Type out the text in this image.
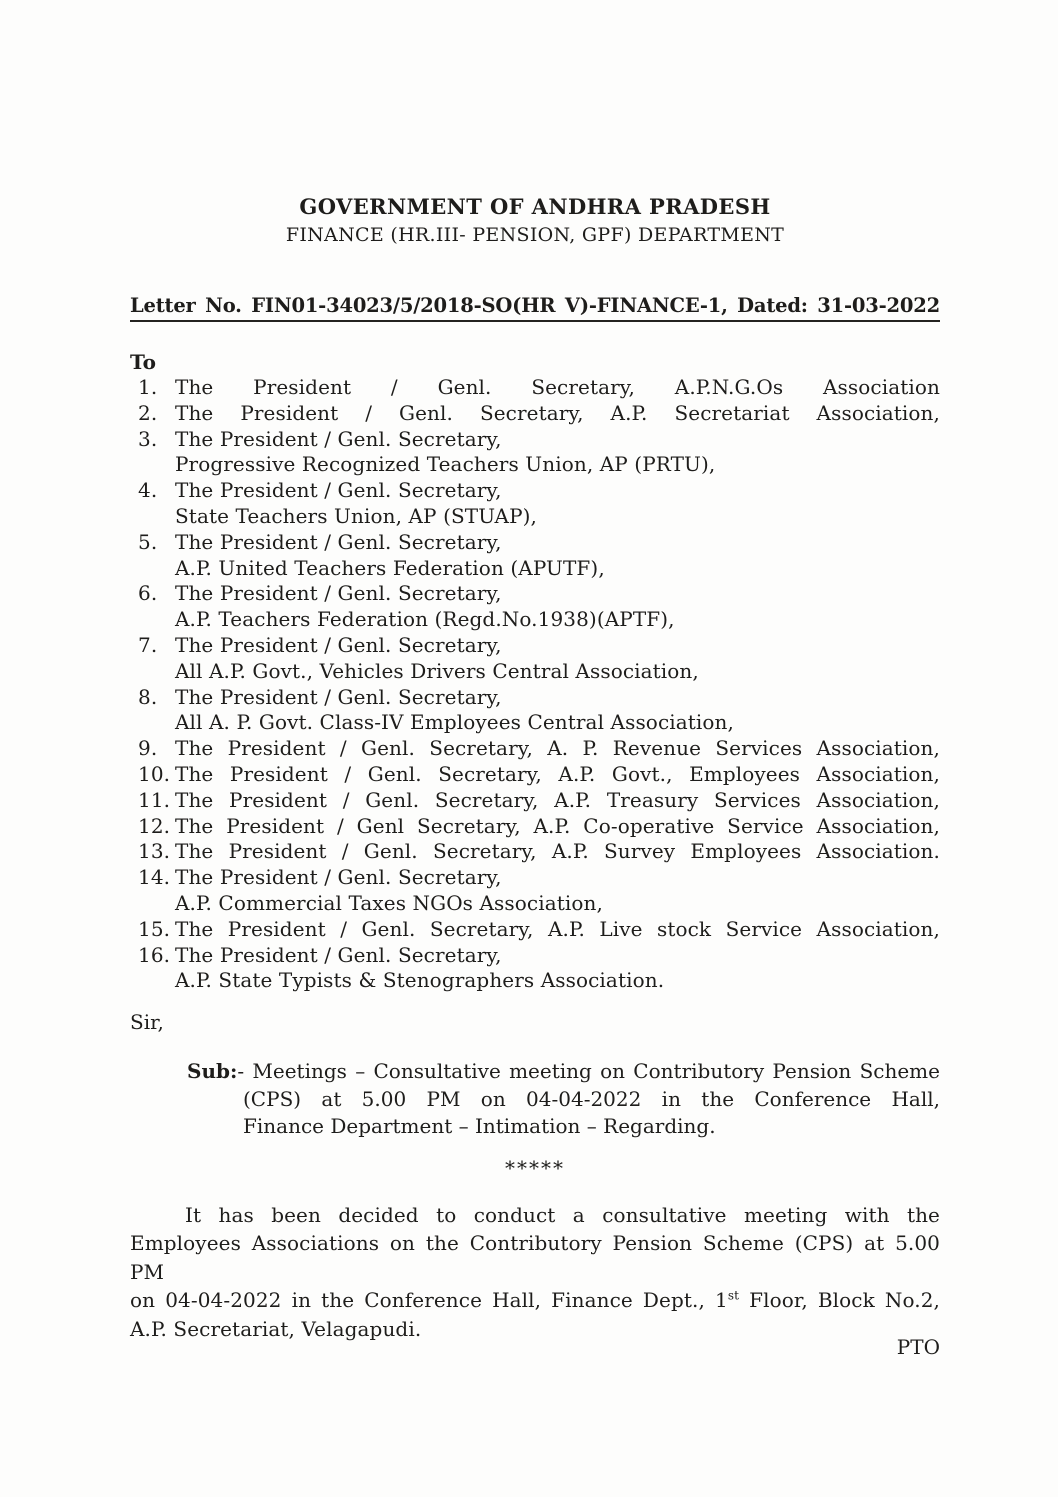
GOVERNMENT OF ANDHRA PRADESH
FINANCE (HR.III- PENSION, GPF) DEPARTMENT
Letter No. FIN01-34023/5/2018-SO(HR V)-FINANCE-1, Dated: 31-03-2022
To
1. The President / Genl. Secretary, A.P.N.G.Os Association
2. The President / Genl. Secretary, A.P. Secretariat Association,
3. The President / Genl. Secretary,
Progressive Recognized Teachers Union, AP (PRTU),
4. The President / Genl. Secretary,
State Teachers Union, AP (STUAP),
5. The President / Genl. Secretary,
A.P. United Teachers Federation (APUTF),
6. The President / Genl. Secretary,
A.P. Teachers Federation (Regd.No.1938)(APTF),
7. The President / Genl. Secretary,
All A.P. Govt., Vehicles Drivers Central Association,
8. The President / Genl. Secretary,
All A. P. Govt. Class-IV Employees Central Association,
9. The President / Genl. Secretary, A. P. Revenue Services Association,
10. The President / Genl. Secretary, A.P. Govt., Employees Association,
11. The President / Genl. Secretary, A.P. Treasury Services Association,
12. The President / Genl Secretary, A.P. Co-operative Service Association,
13. The President / Genl. Secretary, A.P. Survey Employees Association.
14. The President / Genl. Secretary,
A.P. Commercial Taxes NGOs Association,
15. The President / Genl. Secretary, A.P. Live stock Service Association,
16. The President / Genl. Secretary,
A.P. State Typists & Stenographers Association.
Sir,
Sub:- Meetings – Consultative meeting on Contributory Pension Scheme
(CPS) at 5.00 PM on 04-04-2022 in the Conference Hall,
Finance Department – Intimation – Regarding.
*****
It has been decided to conduct a consultative meeting with the
Employees Associations on the Contributory Pension Scheme (CPS) at 5.00 PM
on 04-04-2022 in the Conference Hall, Finance Dept., 1st Floor, Block No.2,
A.P. Secretariat, Velagapudi.
PTO
